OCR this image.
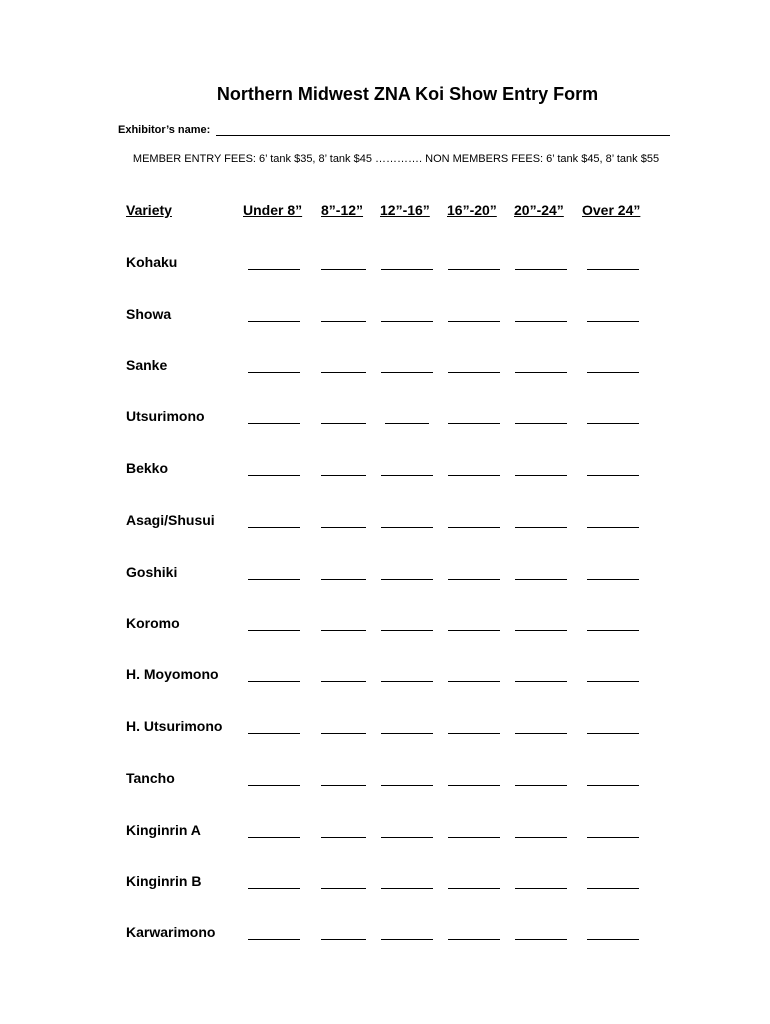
Northern Midwest ZNA Koi Show Entry Form
Exhibitor’s name:
MEMBER ENTRY FEES: 6’ tank $35, 8’ tank $45 …………. NON MEMBERS FEES: 6’ tank $45, 8’ tank $55
Variety	Under 8” 8”-12” 12”-16” 16”-20” 20”-24” Over 24”
Kohaku
Showa
Sanke
Utsurimono
Bekko
Asagi/Shusui
Goshiki
Koromo
H. Moyomono
H. Utsurimono
Tancho
Kinginrin A
Kinginrin B
Karwarimono
